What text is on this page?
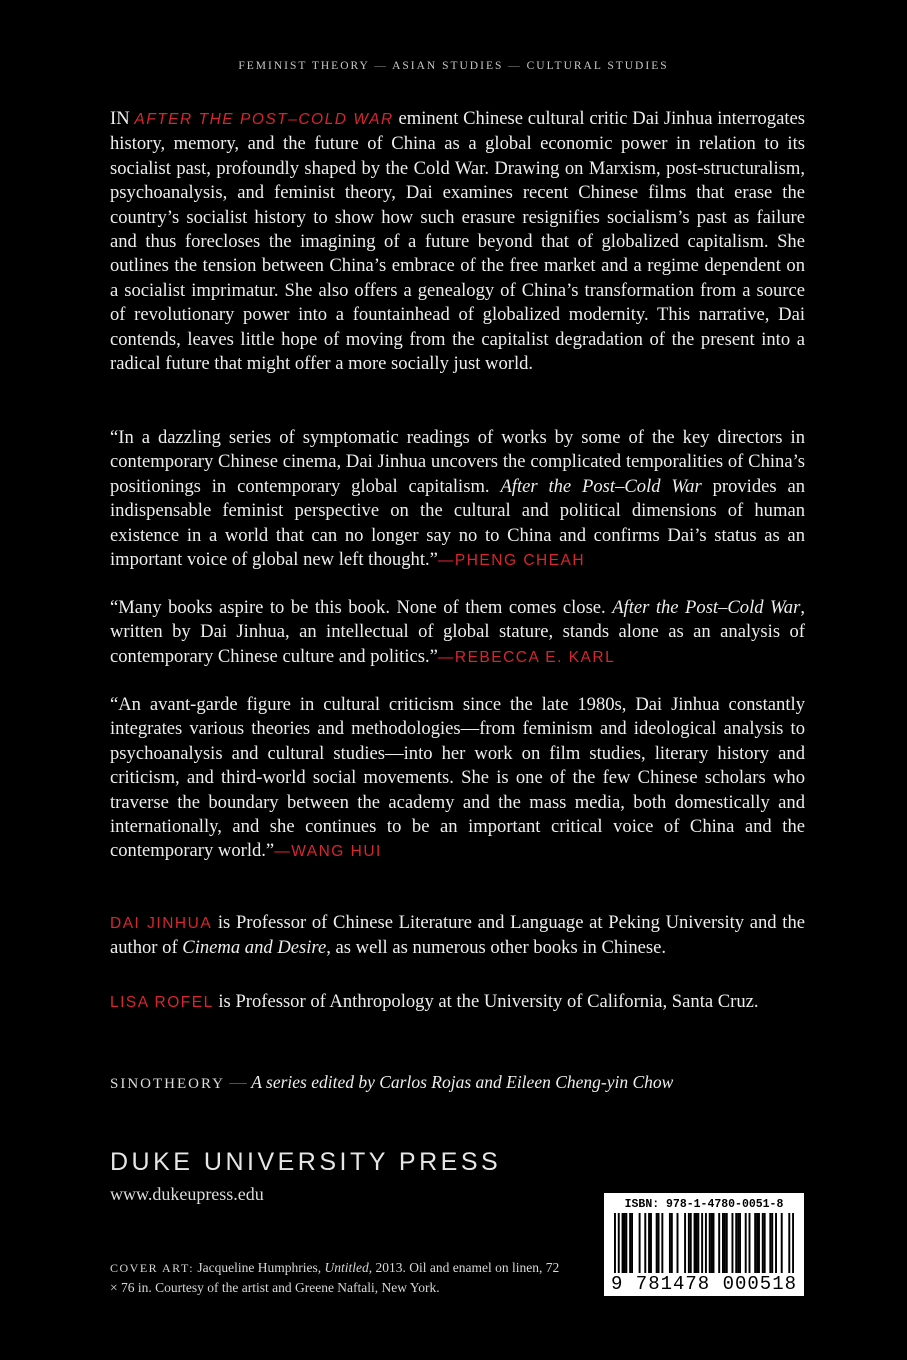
FEMINIST THEORY — ASIAN STUDIES — CULTURAL STUDIES
IN AFTER THE POST–COLD WAR eminent Chinese cultural critic Dai Jinhua interrogates history, memory, and the future of China as a global economic power in relation to its socialist past, profoundly shaped by the Cold War. Drawing on Marxism, post-structuralism, psychoanalysis, and feminist theory, Dai examines recent Chinese films that erase the country’s socialist history to show how such erasure resignifies socialism’s past as failure and thus forecloses the imagining of a future beyond that of globalized capitalism. She outlines the tension between China’s embrace of the free market and a regime dependent on a socialist imprimatur. She also offers a genealogy of China’s transformation from a source of revolutionary power into a fountainhead of globalized modernity. This narrative, Dai contends, leaves little hope of moving from the capitalist degradation of the present into a radical future that might offer a more socially just world.
“In a dazzling series of symptomatic readings of works by some of the key directors in contemporary Chinese cinema, Dai Jinhua uncovers the complicated temporalities of China’s positionings in contemporary global capitalism. After the Post–Cold War provides an indispensable feminist perspective on the cultural and political dimensions of human existence in a world that can no longer say no to China and confirms Dai’s status as an important voice of global new left thought.”—PHENG CHEAH
“Many books aspire to be this book. None of them comes close. After the Post–Cold War, written by Dai Jinhua, an intellectual of global stature, stands alone as an analysis of contemporary Chinese culture and politics.”—REBECCA E. KARL
“An avant-garde figure in cultural criticism since the late 1980s, Dai Jinhua constantly integrates various theories and methodologies—from feminism and ideological analysis to psychoanalysis and cultural studies—into her work on film studies, literary history and criticism, and third-world social movements. She is one of the few Chinese scholars who traverse the boundary between the academy and the mass media, both domestically and internationally, and she continues to be an important critical voice of China and the contemporary world.”—WANG HUI
DAI JINHUA is Professor of Chinese Literature and Language at Peking University and the author of Cinema and Desire, as well as numerous other books in Chinese.
LISA ROFEL is Professor of Anthropology at the University of California, Santa Cruz.
SINOTHEORY — A series edited by Carlos Rojas and Eileen Cheng-yin Chow
DUKE UNIVERSITY PRESS
www.dukeupress.edu
COVER ART: Jacqueline Humphries, Untitled, 2013. Oil and enamel on linen, 72 × 76 in. Courtesy of the artist and Greene Naftali, New York.
ISBN: 978-1-4780-0051-8
9 781478 000518
